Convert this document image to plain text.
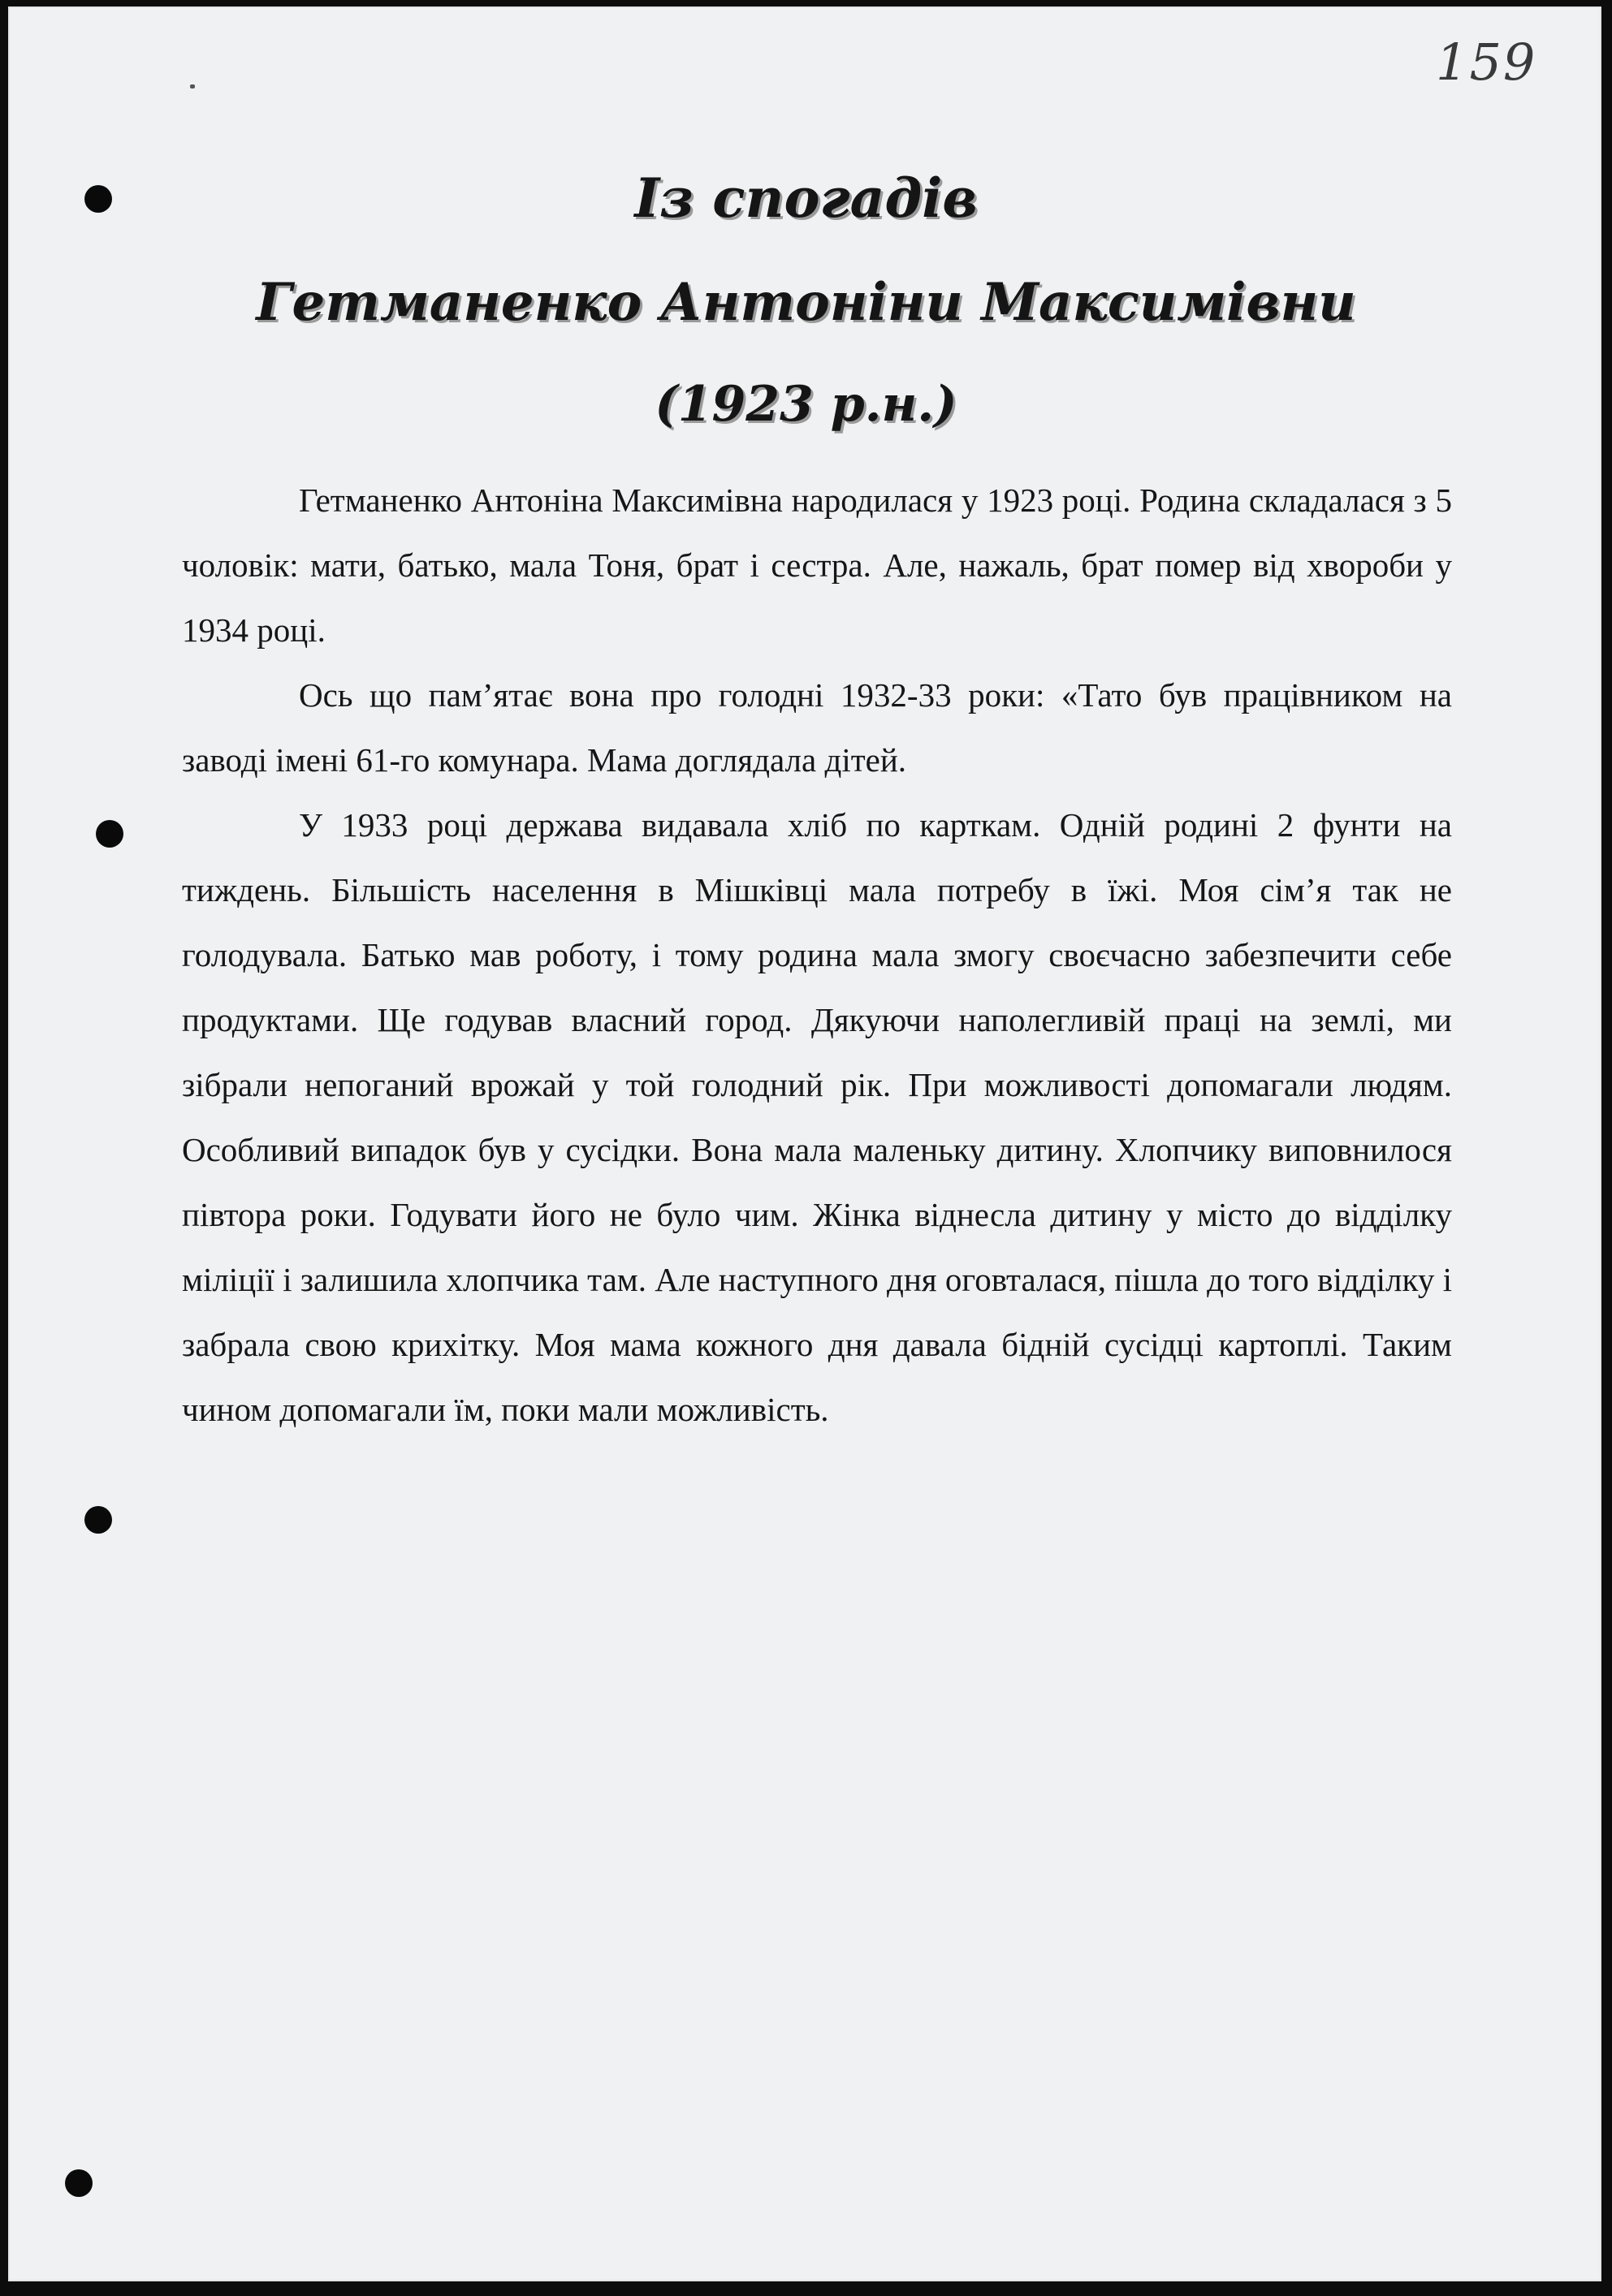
159
Із спогадів
Гетманенко Антоніни Максимівни
(1923 р.н.)

Гетманенко Антоніна Максимівна народилася у 1923 році. Родина складалася з 5 чоловік: мати, батько, мала Тоня, брат і сестра. Але, нажаль, брат помер від хвороби у 1934 році.

Ось що пам’ятає вона про голодні 1932-33 роки: «Тато був працівником на заводі імені 61-го комунара. Мама доглядала дітей.

У 1933 році держава видавала хліб по карткам. Одній родині 2 фунти на тиждень. Більшість населення в Мішківці мала потребу в їжі. Моя сім’я так не голодувала. Батько мав роботу, і тому родина мала змогу своєчасно забезпечити себе продуктами. Ще годував власний город. Дякуючи наполегливій праці на землі, ми зібрали непоганий врожай у той голодний рік. При можливості допомагали людям. Особливий випадок був у сусідки. Вона мала маленьку дитину. Хлопчику виповнилося півтора роки. Годувати його не було чим. Жінка віднесла дитину у місто до відділку міліції і залишила хлопчика там. Але наступного дня оговталася, пішла до того відділку і забрала свою крихітку. Моя мама кожного дня давала бідній сусідці картоплі. Таким чином допомагали їм, поки мали можливість.
